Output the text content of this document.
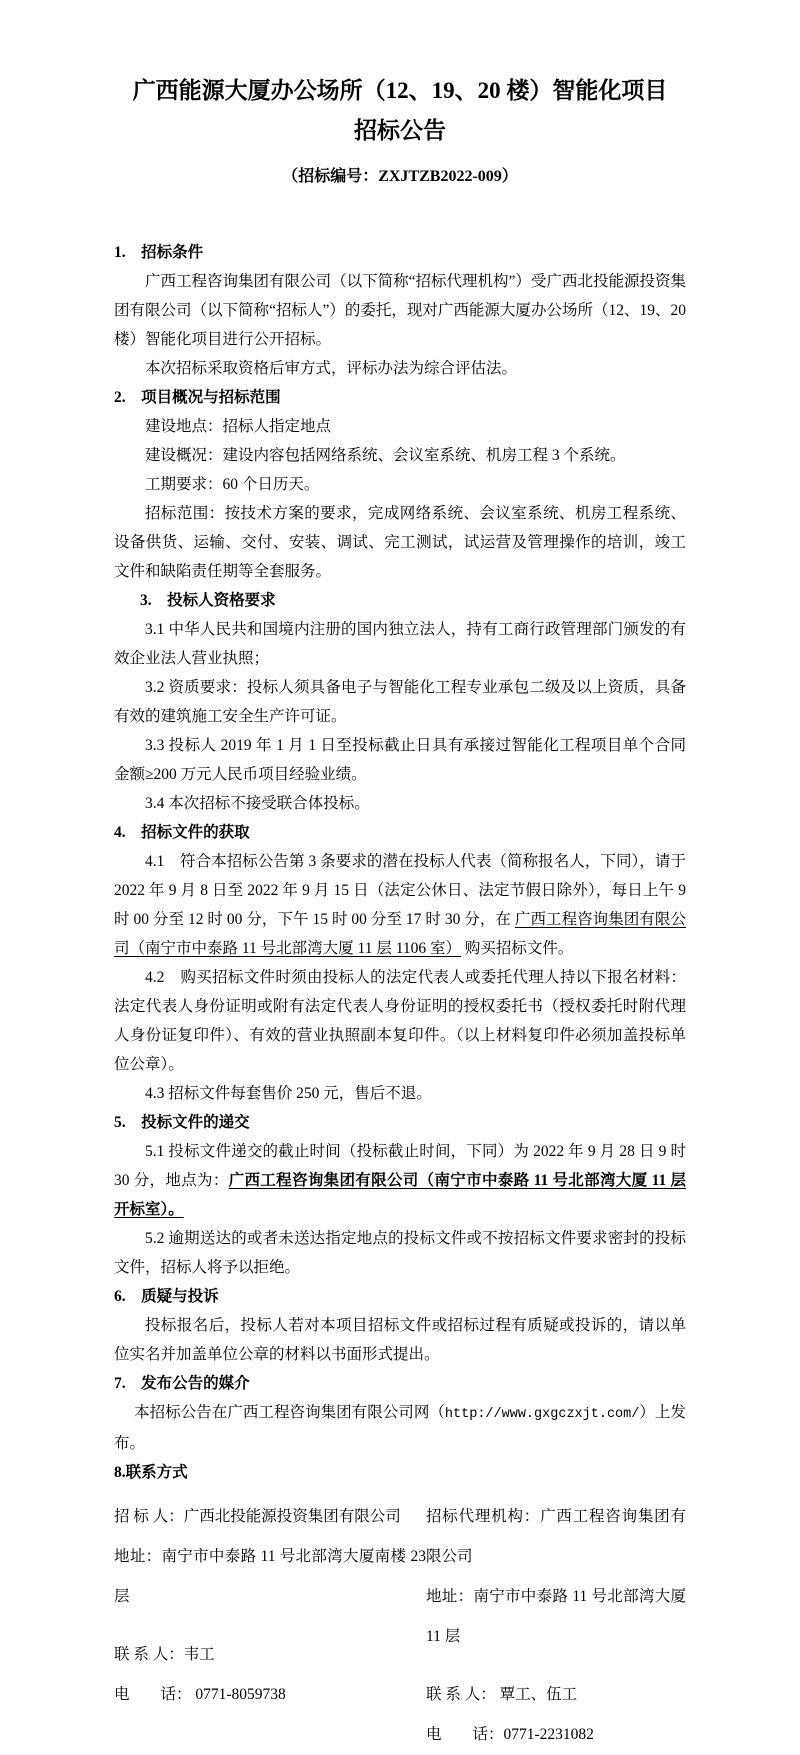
广西能源大厦办公场所（12、19、20 楼）智能化项目
招标公告
（招标编号：ZXJTZB2022-009）

1.　招标条件

广西工程咨询集团有限公司（以下简称“招标代理机构”）受广西北投能源投资集团有限公司（以下简称“招标人”）的委托，现对广西能源大厦办公场所（12、19、20 楼）智能化项目进行公开招标。

本次招标采取资格后审方式，评标办法为综合评估法。

2.　项目概况与招标范围

建设地点：招标人指定地点

建设概况：建设内容包括网络系统、会议室系统、机房工程 3 个系统。

工期要求：60 个日历天。

招标范围：按技术方案的要求，完成网络系统、会议室系统、机房工程系统、设备供货、运输、交付、安装、调试、完工测试，试运营及管理操作的培训，竣工文件和缺陷责任期等全套服务。

3.　投标人资格要求

3.1 中华人民共和国境内注册的国内独立法人，持有工商行政管理部门颁发的有效企业法人营业执照；

3.2 资质要求：投标人须具备电子与智能化工程专业承包二级及以上资质，具备有效的建筑施工安全生产许可证。

3.3 投标人 2019 年 1 月 1 日至投标截止日具有承接过智能化工程项目单个合同金额≥200 万元人民币项目经验业绩。

3.4 本次招标不接受联合体投标。

4.　招标文件的获取

4.1　符合本招标公告第 3 条要求的潜在投标人代表（简称报名人，下同），请于 2022 年 9 月 8 日至 2022 年 9 月 15 日（法定公休日、法定节假日除外），每日上午 9 时 00 分至 12 时 00 分，下午 15 时 00 分至 17 时 30 分，在 广西工程咨询集团有限公司（南宁市中泰路 11 号北部湾大厦 11 层 1106 室） 购买招标文件。

4.2　购买招标文件时须由投标人的法定代表人或委托代理人持以下报名材料：法定代表人身份证明或附有法定代表人身份证明的授权委托书（授权委托时附代理人身份证复印件）、有效的营业执照副本复印件。（以上材料复印件必须加盖投标单位公章）。

4.3 招标文件每套售价 250 元，售后不退。

5.　投标文件的递交

5.1 投标文件递交的截止时间（投标截止时间，下同）为 2022 年 9 月 28 日 9 时 30 分，地点为：广西工程咨询集团有限公司（南宁市中泰路 11 号北部湾大厦 11 层开标室）。

5.2 逾期送达的或者未送达指定地点的投标文件或不按招标文件要求密封的投标文件，招标人将予以拒绝。

6.　质疑与投诉

投标报名后，投标人若对本项目招标文件或招标过程有质疑或投诉的，请以单位实名并加盖单位公章的材料以书面形式提出。

7.　发布公告的媒介

本招标公告在广西工程咨询集团有限公司网（http://www.gxgczxjt.com/）上发布。

8.联系方式

招 标 人：广西北投能源投资集团有限公司

地址：南宁市中泰路 11 号北部湾大厦南楼 23 层

联 系 人：韦工

电　　话： 0771-8059738

招标代理机构：广西工程咨询集团有限公司

地址：南宁市中泰路 11 号北部湾大厦 11 层

联 系 人： 覃工、伍工

电　　话：0771-2231082
